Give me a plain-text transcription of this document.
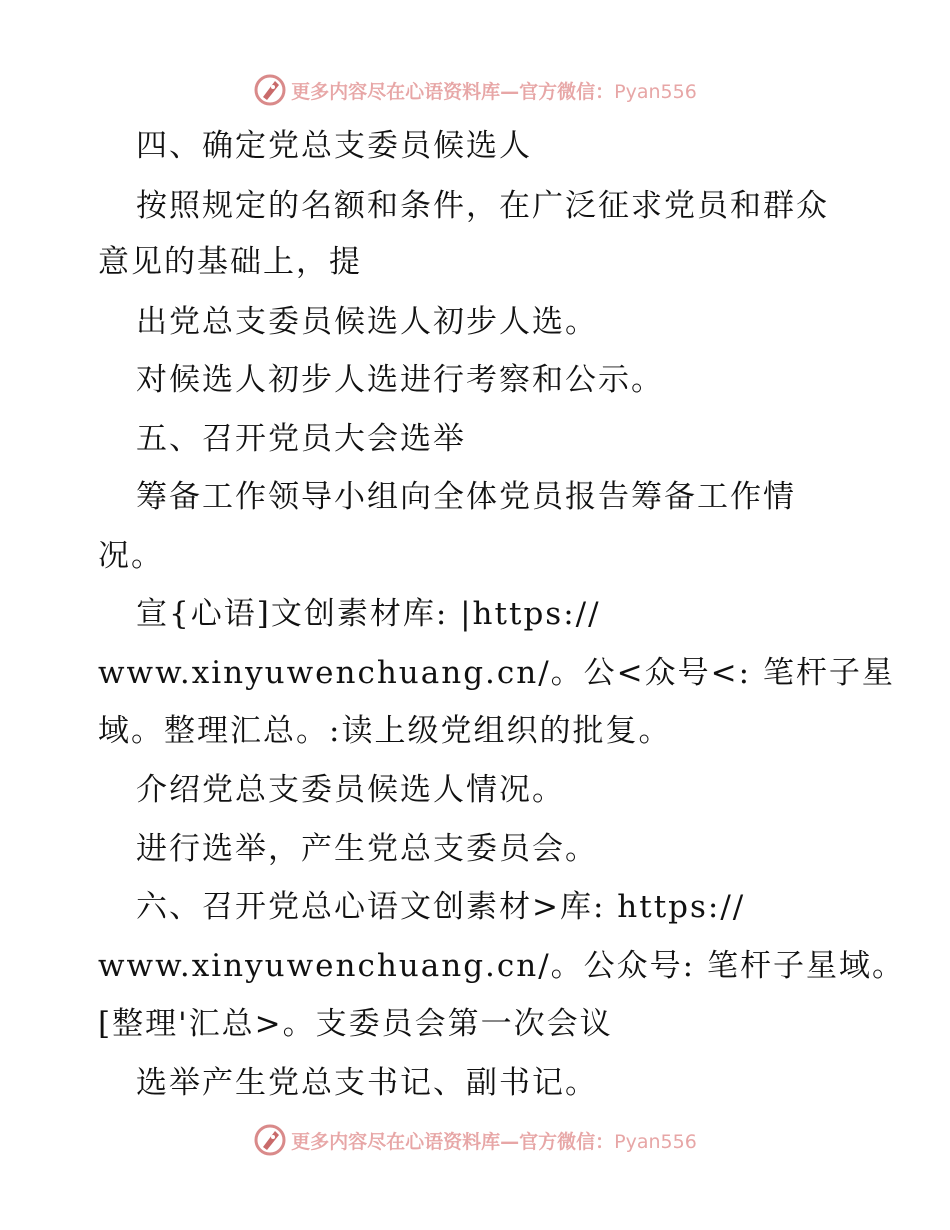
更多内容尽在心语资料库—官方微信：Pyan556
四、确定党总支委员候选人
按照规定的名额和条件，在广泛征求党员和群众
意见的基础上，提
出党总支委员候选人初步人选。
对候选人初步人选进行考察和公示。
五、召开党员大会选举
筹备工作领导小组向全体党员报告筹备工作情
况。
宣{心语]文创素材库: |https://
www.xinyuwenchuang.cn/。公<众号<: 笔杆子星
域。整理汇总。:读上级党组织的批复。
介绍党总支委员候选人情况。
进行选举，产生党总支委员会。
六、召开党总心语文创素材>库: https://
www.xinyuwenchuang.cn/。公众号: 笔杆子星域。
[整理'汇总>。支委员会第一次会议
选举产生党总支书记、副书记。
更多内容尽在心语资料库—官方微信：Pyan556
